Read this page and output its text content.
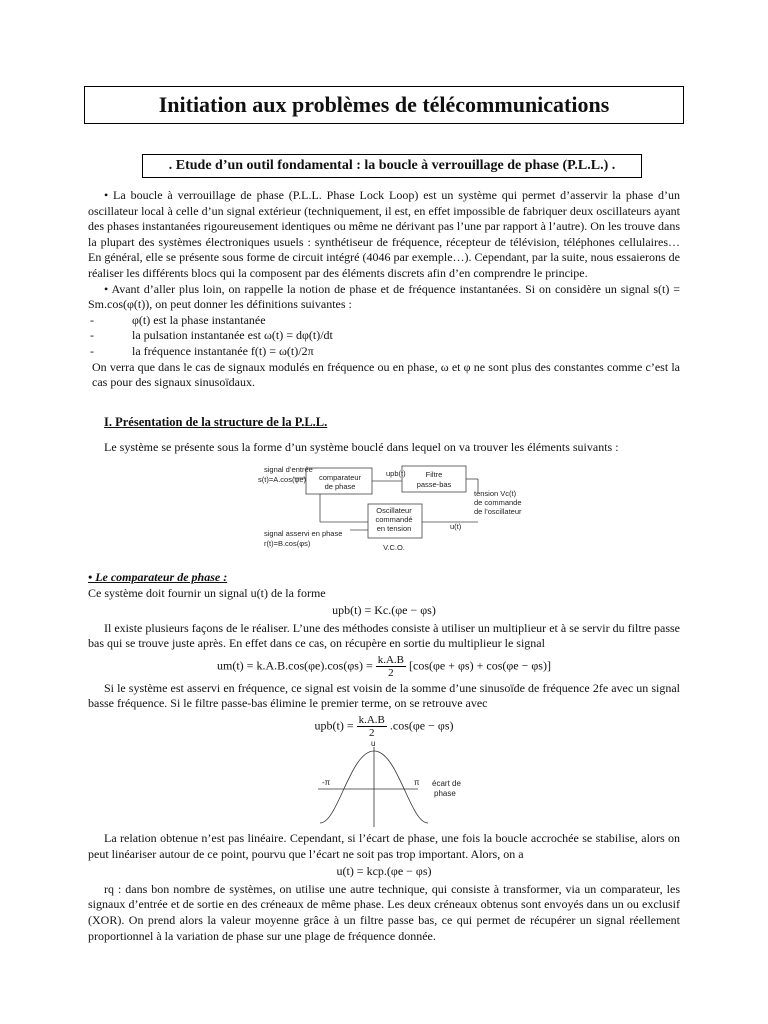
Initiation aux problèmes de télécommunications
. Etude d’un outil fondamental : la boucle à verrouillage de phase (P.L.L.) .

• La boucle à verrouillage de phase (P.L.L. Phase Lock Loop) est un système qui permet d’asservir la phase d’un oscillateur local à celle d’un signal extérieur (techniquement, il est, en effet impossible de fabriquer deux oscillateurs ayant des phases instantanées rigoureusement identiques ou même ne dérivant pas l’une par rapport à l’autre). On les trouve dans la plupart des systèmes électroniques usuels : synthétiseur de fréquence, récepteur de télévision, téléphones cellulaires… En général, elle se présente sous forme de circuit intégré (4046 par exemple…). Cependant, par la suite, nous essaierons de réaliser les différents blocs qui la composent par des éléments discrets afin d’en comprendre le principe.

• Avant d’aller plus loin, on rappelle la notion de phase et de fréquence instantanées. Si on considère un signal s(t) = Sm.cos(φ(t)), on peut donner les définitions suivantes :

- φ(t) est la phase instantanée
- la pulsation instantanée est ω(t) = dφ(t)/dt
- la fréquence instantanée f(t) = ω(t)/2π

On verra que dans le cas de signaux modulés en fréquence ou en phase, ω et φ ne sont plus des constantes comme c’est la cas pour des signaux sinusoïdaux.

I. Présentation de la structure de la P.L.L.

Le système se présente sous la forme d’un système bouclé dans lequel on va trouver les éléments suivants :

signal d’entrée
s(t)=A.cos(φe) comparateur
de phase
upb(t)	Filtre
passe-bas
tension Vc(t)
de commande
de l’oscillateur
Oscillateur
commandé
en tension
V.C.O.
u(t)
signal asservi en phase
r(t)=B.cos(φs)
• Le comparateur de phase :

Ce système doit fournir un signal u(t) de la forme

upb(t) = Kc.(φe − φs)

Il existe plusieurs façons de le réaliser. L’une des méthodes consiste à utiliser un multiplieur et à se servir du filtre passe bas qui se trouve juste après. En effet dans ce cas, on récupère en sortie du multiplieur le signal

$um(t) = k.A.B.\cos(\varphi e).\cos(\varphi s) = \frac{k.A.B}{2} [\cos(\varphi e + \varphi s) + \cos(\varphi e - \varphi s)]$

Si le système est asservi en fréquence, ce signal est voisin de la somme d’une sinusoïde de fréquence 2fe avec un signal basse fréquence. Si le filtre passe-bas élimine le premier terme, on se retrouve avec

$upb(t) = \frac{k.A.B}{2} .\cos(\varphi e - \varphi s)$
u
-π	π écart de
phase

La relation obtenue n’est pas linéaire. Cependant, si l’écart de phase, une fois la boucle accrochée se stabilise, alors on peut linéariser autour de ce point, pourvu que l’écart ne soit pas trop important. Alors, on a

u(t) = kcp.(φe − φs)

rq : dans bon nombre de systèmes, on utilise une autre technique, qui consiste à transformer, via un comparateur, les signaux d’entrée et de sortie en des créneaux de même phase. Les deux créneaux obtenus sont envoyés dans un ou exclusif (XOR). On prend alors la valeur moyenne grâce à un filtre passe bas, ce qui permet de récupérer un signal réellement proportionnel à la variation de phase sur une plage de fréquence donnée.
